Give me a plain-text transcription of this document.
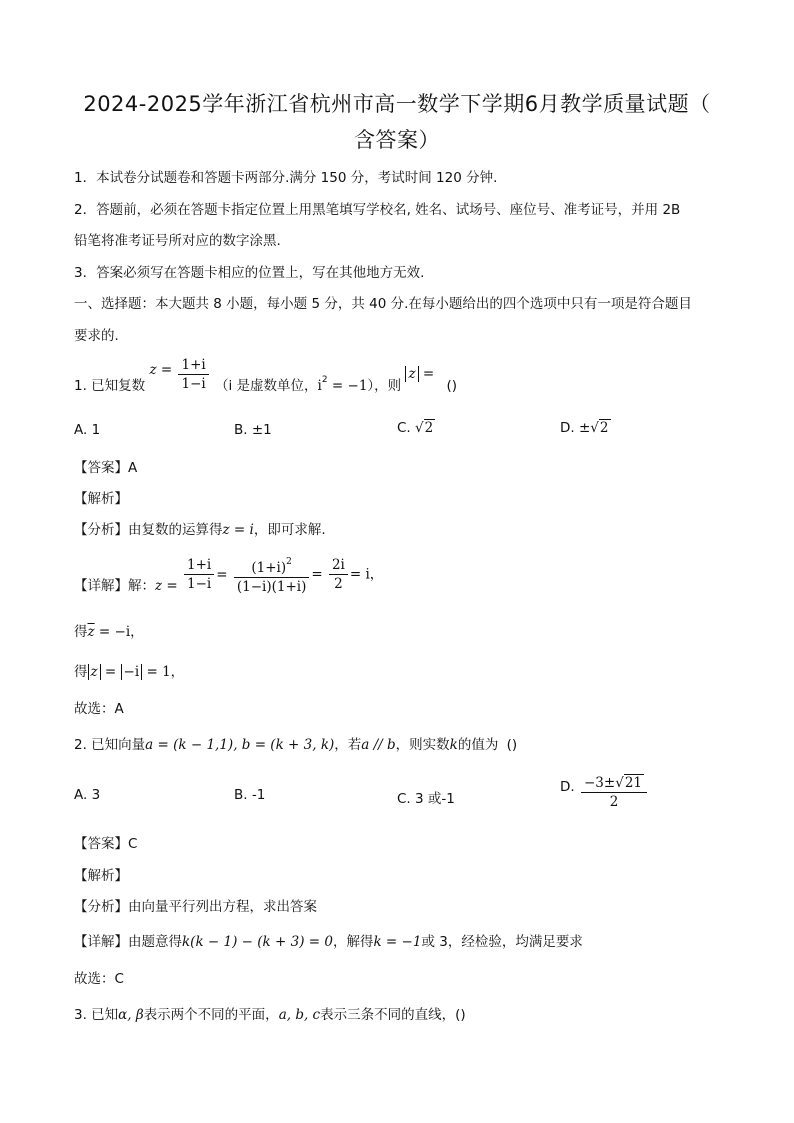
2024-2025学年浙江省杭州市高一数学下学期6月教学质量试题（
含答案）
1．本试卷分试题卷和答题卡两部分.满分 150 分，考试时间 120 分钟.
2．答题前，必须在答题卡指定位置上用黑笔填写学校名, 姓名、试场号、座位号、准考证号，并用 2B
铅笔将准考证号所对应的数字涂黑.
3．答案必须写在答题卡相应的位置上，写在其他地方无效.
一、选择题：本大题共 8 小题，每小题 5 分，共 40 分.在每小题给出的四个选项中只有一项是符合题目
要求的.
1. 已知复数 $z = \frac{1+i}{1-i} (i$ 是虚数单位，$i^2 = -1$），则 z = ()
A. 1	B. ±1	C. √2	D. ±√2
【答案】A
【解析】
【分析】由复数的运算得z = i，即可求解.
【详解】解：$z = \frac{1+i}{1-i} = \frac{(1+i)^2}{(1-i)(1+i)} = \frac{2i}{2} = i$，
得$\overline{z} = -i$，
得 z = −i = 1，
故选：A
2. 已知向量a = (k − 1,1), b = (k + 3, k)，若a // b，则实数k的值为 ()
A. 3	B. -1	C. 3 或-1
D. $\frac{-3\pm√21}{2}$
【答案】C
【解析】
【分析】由向量平行列出方程，求出答案
【详解】由题意得k(k − 1) − (k + 3) = 0，解得k = −1或 3，经检验，均满足要求
故选：C
3. 已知α, β表示两个不同的平面，a, b, c表示三条不同的直线，()
